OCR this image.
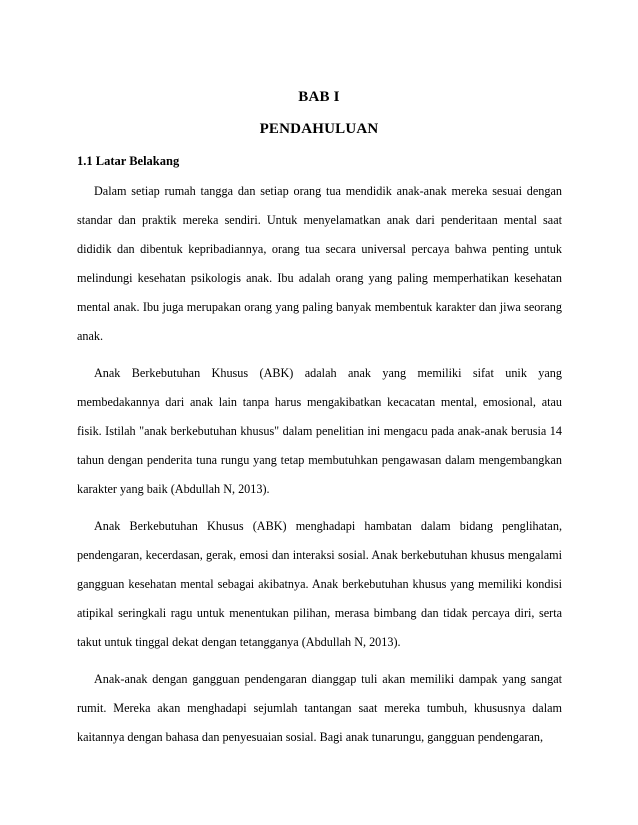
BAB I
PENDAHULUAN
1.1 Latar Belakang

Dalam setiap rumah tangga dan setiap orang tua mendidik anak-anak mereka sesuai dengan standar dan praktik mereka sendiri. Untuk menyelamatkan anak dari penderitaan mental saat dididik dan dibentuk kepribadiannya, orang tua secara universal percaya bahwa penting untuk melindungi kesehatan psikologis anak. Ibu adalah orang yang paling memperhatikan kesehatan mental anak. Ibu juga merupakan orang yang paling banyak membentuk karakter dan jiwa seorang anak.

Anak Berkebutuhan Khusus (ABK) adalah anak yang memiliki sifat unik yang membedakannya dari anak lain tanpa harus mengakibatkan kecacatan mental, emosional, atau fisik. Istilah "anak berkebutuhan khusus" dalam penelitian ini mengacu pada anak-anak berusia 14 tahun dengan penderita tuna rungu yang tetap membutuhkan pengawasan dalam mengembangkan karakter yang baik (Abdullah N, 2013).

Anak Berkebutuhan Khusus (ABK) menghadapi hambatan dalam bidang penglihatan, pendengaran, kecerdasan, gerak, emosi dan interaksi sosial. Anak berkebutuhan khusus mengalami gangguan kesehatan mental sebagai akibatnya. Anak berkebutuhan khusus yang memiliki kondisi atipikal seringkali ragu untuk menentukan pilihan, merasa bimbang dan tidak percaya diri, serta takut untuk tinggal dekat dengan tetangganya (Abdullah N, 2013).

Anak-anak dengan gangguan pendengaran dianggap tuli akan memiliki dampak yang sangat rumit. Mereka akan menghadapi sejumlah tantangan saat mereka tumbuh, khususnya dalam kaitannya dengan bahasa dan penyesuaian sosial. Bagi anak tunarungu, gangguan pendengaran,
